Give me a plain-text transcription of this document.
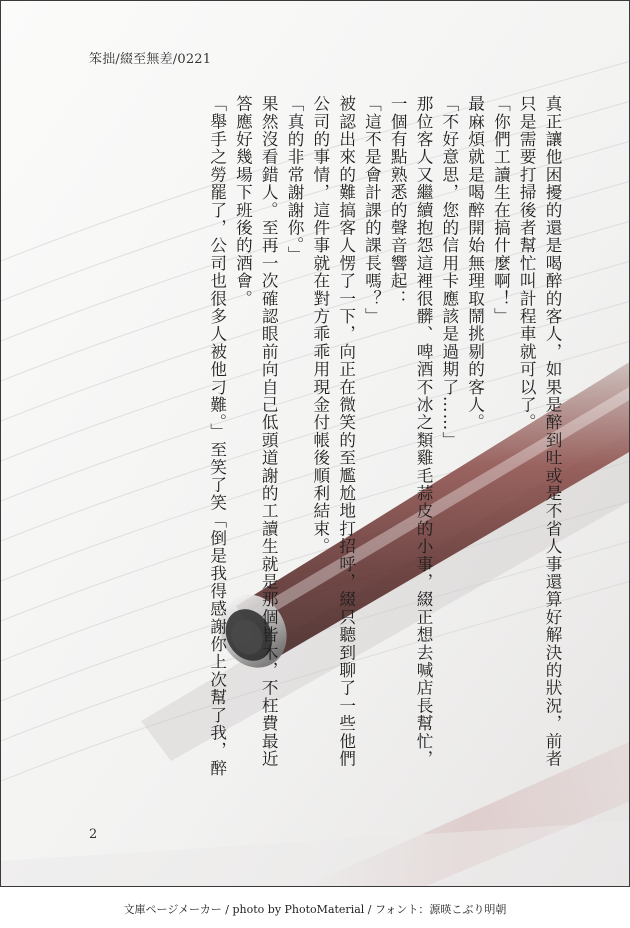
笨拙/綴至無差/0221

真正讓他困擾的還是喝醉的客人，如果是醉到吐或是不省人事還算好解決的狀況，前者只是需要打掃後者幫忙叫計程車就可以了。

「你們工讀生在搞什麼啊！」

最麻煩就是喝醉開始無理取鬧挑剔的客人。

「不好意思，您的信用卡應該是過期了……」

那位客人又繼續抱怨這裡很髒、啤酒不冰之類雞毛蒜皮的小事，綴正想去喊店長幫忙，一個有點熟悉的聲音響起：

「這不是會計課的課長嗎？」

被認出來的難搞客人愣了一下，向正在微笑的至尷尬地打招呼，綴只聽到聊了一些他們公司的事情，這件事就在對方乖乖用現金付帳後順利結束。

「真的非常謝謝你。」

果然沒看錯人。至再一次確認眼前向自己低頭道謝的工讀生就是那個皆木，不枉費最近答應好幾場下班後的酒會。

「舉手之勞罷了，公司也很多人被他刁難。」至笑了笑「倒是我得感謝你上次幫了我，醉

2
文庫ページメーカー / photo by PhotoMaterial / フォント：源暎こぶり明朝
